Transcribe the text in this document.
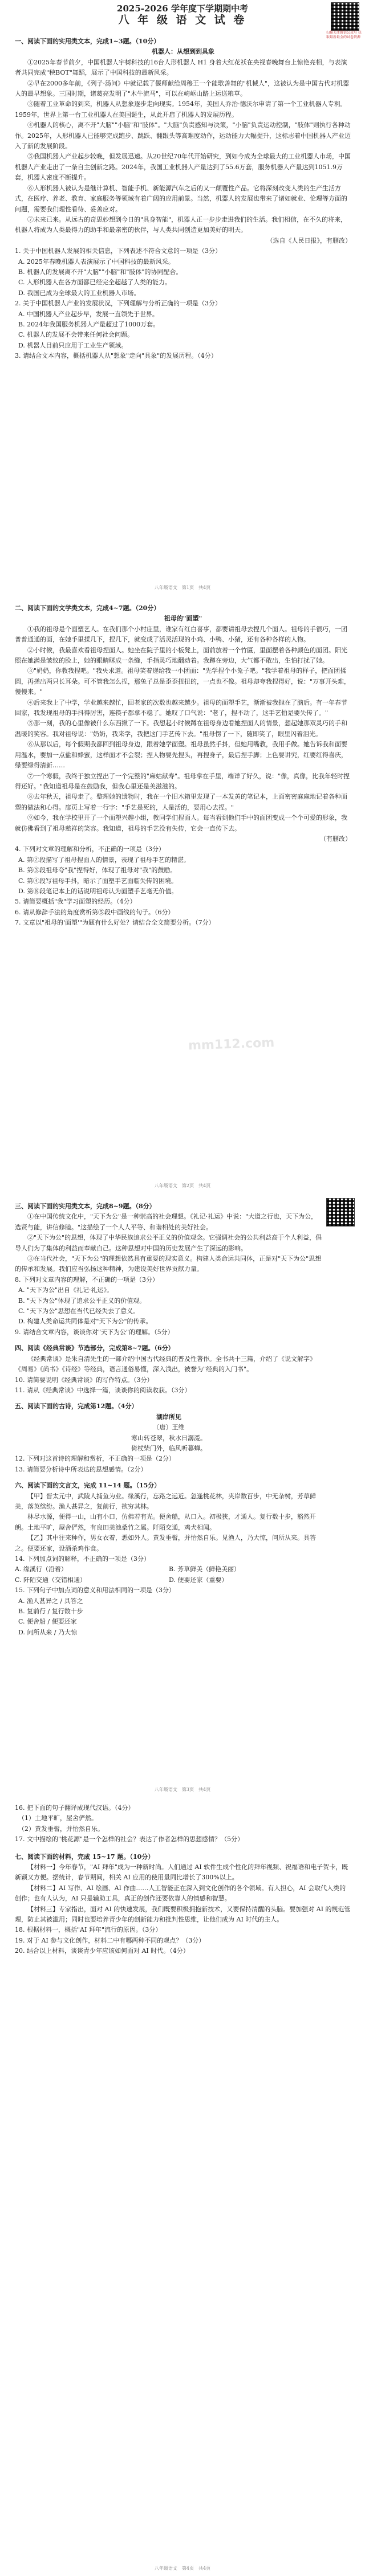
2025-2026 学年度下学期期中考
八 年 级 语 文 试 卷
扫描关注微信公众号 获取最新最全的试卷资源

一、阅读下面的实用类文本，完成1~3题。（10分）

机器人：从想到到具象

①2025年春节前夕，中国机器人宇树科技的16台人形机器人 H1 身着大红花袄在央视春晚舞台上惊艳亮相，与表演者共同完成"秧BOT"舞蹈，展示了中国科技的最新风采。

②早在2000多年前，《列子·汤问》中就记载了偃师献给周穆王一个能歌善舞的"机械人"，这被认为是中国古代对机器人的最早想象。三国时期，诸葛亮发明了"木牛流马"，可以在崎岖山路上运送粮草。

③随着工业革命的到来，机器人从想象逐步走向现实。1954年，美国人乔治·德沃尔申请了第一个工业机器人专利。1959年，世界上第一台工业机器人在美国诞生，从此开启了机器人的发展历程。

④机器人的核心，离不开"大脑""小脑"和"肢体"。"大脑"负责感知与决策，"小脑"负责运动控制，"肢体"则执行各种动作。2025年，人形机器人已能够完成跑步、跳跃、翻跟头等高难度动作，运动能力大幅提升，这标志着中国机器人产业迈入了新的发展阶段。

⑤我国机器人产业起步较晚，但发展迅速。从20世纪70年代开始研究，到如今成为全球最大的工业机器人市场，中国机器人产业走出了一条自主创新之路。2024年，我国工业机器人产量达到了55.6万套，服务机器人产量达到1051.9万套，机器人密度不断提升。

⑥人形机器人被认为是继计算机、智能手机、新能源汽车之后的又一颠覆性产品。它将深刻改变人类的生产生活方式，在医疗、养老、教育、家庭服务等领域有着广阔的应用前景。当然，机器人的发展也带来了诸如就业、伦理等方面的问题，需要我们理性看待、妥善应对。

⑦未来已来。从远古的奇思妙想到今日的"具身智能"，机器人正一步步走进我们的生活。我们相信，在不久的将来，机器人将成为人类最得力的助手和最亲密的伙伴，与人类共同创造更加美好的明天。

（选自《人民日报》，有删改）

1. 关于中国机器人发展的相关信息，下列表述不符合文意的一项是（3分）

A. 2025年春晚机器人表演展示了中国科技的最新风采。

B. 机器人的发展离不开"大脑""小脑"和"肢体"的协同配合。

C. 人形机器人在各方面都已经完全超越了人类的能力。

D. 我国已成为全球最大的工业机器人市场。

2. 关于中国机器人产业的发展状况，下列理解与分析正确的一项是（3分）

A. 中国机器人产业起步早，发展一直领先于世界。

B. 2024年我国服务机器人产量超过了1000万套。

C. 机器人的发展不会带来任何社会问题。

D. 机器人目前只应用于工业生产领域。

3. 请结合文本内容，概括机器人从"想象"走向"具象"的发展历程。（4分）

八年级语文　第1页　共4页

二、阅读下面的文学类文本，完成4~7题。（20分）

祖母的"面塑"

①我的祖母是个面塑艺人。在我们那个小村庄里，谁家有红白喜事，都要请祖母去捏几个面人。祖母的手很巧，一团普普通通的面，在她手里揉几下，捏几下，就变成了活灵活现的小鸡、小鸭、小猪，还有各种各样的人物。

②小时候，我最喜欢看祖母捏面人。她坐在院子里的小板凳上，面前放着一个竹匾，里面摆着各种颜色的面团。阳光照在她满是皱纹的脸上，她的眼睛眯成一条缝，手指灵巧地翻动着。我蹲在旁边，大气都不敢出，生怕打扰了她。

③"奶奶，你教我捏吧。"我央求道。祖母笑着递给我一小团面："先学捏个小兔子吧。"我学着祖母的样子，把面团揉圆，再搓出两只长耳朵。可不管我怎么捏，那兔子总是歪歪扭扭的，一点也不像。祖母却夸我捏得好，说："万事开头难，慢慢来。"

④后来我上了中学，学业越来越忙，回老家的次数也越来越少。祖母的面塑手艺，渐渐被我抛在了脑后。有一年春节回家，我发现祖母的手抖得厉害，连筷子都拿不稳了。她叹了口气说："老了，捏不动了，这手艺怕是要失传了。"

⑤那一刻，我的心里像被什么东西揪了一下。我想起小时候蹲在祖母身边看她捏面人的情景，想起她那双灵巧的手和温暖的笑容。我对祖母说："奶奶，我来学，我把这门手艺传下去。"祖母愣了一下，随即笑了，眼里闪着泪光。

⑥从那以后，每个假期我都回到祖母身边，跟着她学面塑。祖母虽然手抖，但她用嘴教，我用手做。她告诉我和面要用温水，要加一点盐和蜂蜜，这样面才不会裂；捏人物要先捏头，再捏身子，最后捏手脚；上色要讲究，红要红得喜庆，绿要绿得清新……

⑦一个寒假，我终于独立捏出了一个完整的"麻姑献寿"。祖母拿在手里，端详了好久，说："像，真像，比我年轻时捏得还好。"我知道祖母是在鼓励我，但我心里还是美滋滋的。

⑧去年秋天，祖母走了。整理她的遗物时，我在一个旧木箱里发现了一本发黄的笔记本，上面密密麻麻地记着各种面塑的做法和心得。扉页上写着一行字："手艺是死的，人是活的，要用心去捏。"

⑨如今，我在学校里开了一个面塑兴趣小组，教同学们捏面人。每当看到他们手中的面团变成一个个可爱的形象，我就仿佛看到了祖母慈祥的笑容。我知道，祖母的手艺没有失传，它会一直传下去。

（有删改）

4. 下列对文章的理解和分析，不正确的一项是（3分）

A. 第②段描写了祖母捏面人的情景，表现了祖母手艺的精湛。

B. 第③段祖母夸"我"捏得好，体现了祖母对"我"的鼓励。

C. 第④段写祖母手抖，暗示了面塑手艺面临失传的困境。

D. 第⑧段笔记本上的话说明祖母认为面塑手艺毫无价值。

5. 请简要概括"我"学习面塑的经历。（4分）

6. 请从修辞手法的角度赏析第⑤段中画线的句子。（6分）

7. 文章以"祖母的'面塑'"为题有什么好处？请结合全文简要分析。（7分）

mm112.com
八年级语文　第2页　共4页

三、阅读下面的实用类文本，完成8~9题。（8分）

①在中国传统文化中，"天下为公"是一种崇高的社会理想。《礼记·礼运》中说："大道之行也，天下为公，选贤与能，讲信修睦。"这描绘了一个人人平等、和谐相处的美好社会。

②"天下为公"的思想，体现了中华民族追求公平正义的价值观念。它强调社会的公共利益高于个人利益，倡导人们为了集体的利益而奉献自己。这种思想对中国的历史发展产生了深远的影响。

③在当代社会，"天下为公"的理想依然具有重要的现实意义。构建人类命运共同体，正是对"天下为公"思想的传承和发展。我们应当弘扬这种精神，为建设美好世界贡献力量。

8. 下列对文章内容的理解，不正确的一项是（3分）

A. "天下为公"出自《礼记·礼运》。

B. "天下为公"体现了追求公平正义的价值观。

C. "天下为公"思想在当代已经失去了意义。

D. 构建人类命运共同体是对"天下为公"的传承。

9. 请结合文章内容，谈谈你对"天下为公"的理解。（5分）

四、阅读《经典常谈》节选部分，完成第8~7题。（6分）

《经典常谈》是朱自清先生的一部介绍中国古代经典的普及性著作。全书共十三篇，介绍了《说文解字》《周易》《尚书》《诗经》等经典，语言通俗易懂，深入浅出，被誉为"经典的入门书"。

10. 请简要说明《经典常谈》的写作特点。（3分）

11. 请从《经典常谈》中选择一篇，谈谈你的阅读收获。（3分）

五、阅读下面的古诗，完成第12题。（4分）

湖岸所见

〔唐〕王维

寒山转苍翠，秋水日潺湲。

倚杖柴门外，临风听暮蝉。

12. 下列对这首诗的理解和赏析，不正确的一项是（2分）

13. 请简要分析诗中所表达的思想感情。（2分）

六、阅读下面的文言文，完成 11~14 题。（15分）

【甲】晋太元中，武陵人捕鱼为业。缘溪行，忘路之远近。忽逢桃花林，夹岸数百步，中无杂树，芳草鲜美，落英缤纷。渔人甚异之，复前行，欲穷其林。

林尽水源，便得一山，山有小口，仿佛若有光。便舍船，从口入。初极狭，才通人。复行数十步，豁然开朗。土地平旷，屋舍俨然，有良田美池桑竹之属。阡陌交通，鸡犬相闻。

【乙】其中往来种作，男女衣着，悉如外人。黄发垂髫，并怡然自乐。见渔人，乃大惊，问所从来。具答之。便要还家，设酒杀鸡作食。

14. 下列加点词的解释，不正确的一项是（3分）

A. 缘溪行（沿着）	B. 芳草鲜美（鲜艳美丽）
C. 阡陌交通（交错相通）	D. 便要还家（重要）

15. 下列句子中加点词的意义和用法相同的一项是（3分）

A. 渔人甚异之 / 具答之

B. 复前行 / 复行数十步

C. 便舍船 / 便要还家

D. 问所从来 / 乃大惊

八年级语文　第3页　共4页

16. 把下面的句子翻译成现代汉语。（4分）

（1）土地平旷，屋舍俨然。

（2）黄发垂髫，并怡然自乐。

17. 文中描绘的"桃花源"是一个怎样的社会？表达了作者怎样的思想感情？（5分）

七、阅读下面的材料，完成 15~17 题。（10分）

【材料一】今年春节，"AI 拜年"成为一种新时尚。人们通过 AI 软件生成个性化的拜年视频、祝福语和电子贺卡，既新颖又方便。据统计，春节期间，相关 AI 应用的使用量同比增长了300%以上。

【材料二】AI 写作、AI 绘画、AI 作曲……人工智能正在深入到文化创作的各个领域。有人担心，AI 会取代人类的创作；也有人认为，AI 只是辅助工具，真正的创作还要依靠人的情感和智慧。

【材料三】专家指出，面对 AI 的快速发展，我们既要积极拥抱新技术，又要保持清醒的头脑。要加强对 AI 的规范管理，防止其被滥用；同时也要培养青少年的创新能力和批判性思维，让他们成为 AI 时代的主人。

18. 根据材料一，概括"AI 拜年"流行的原因。（3分）

19. 对于 AI 参与文化创作，材料二中有哪两种不同的观点？（3分）

20. 结合以上材料，谈谈青少年应该如何面对 AI 时代。（4分）

八年级语文　第4页　共4页
